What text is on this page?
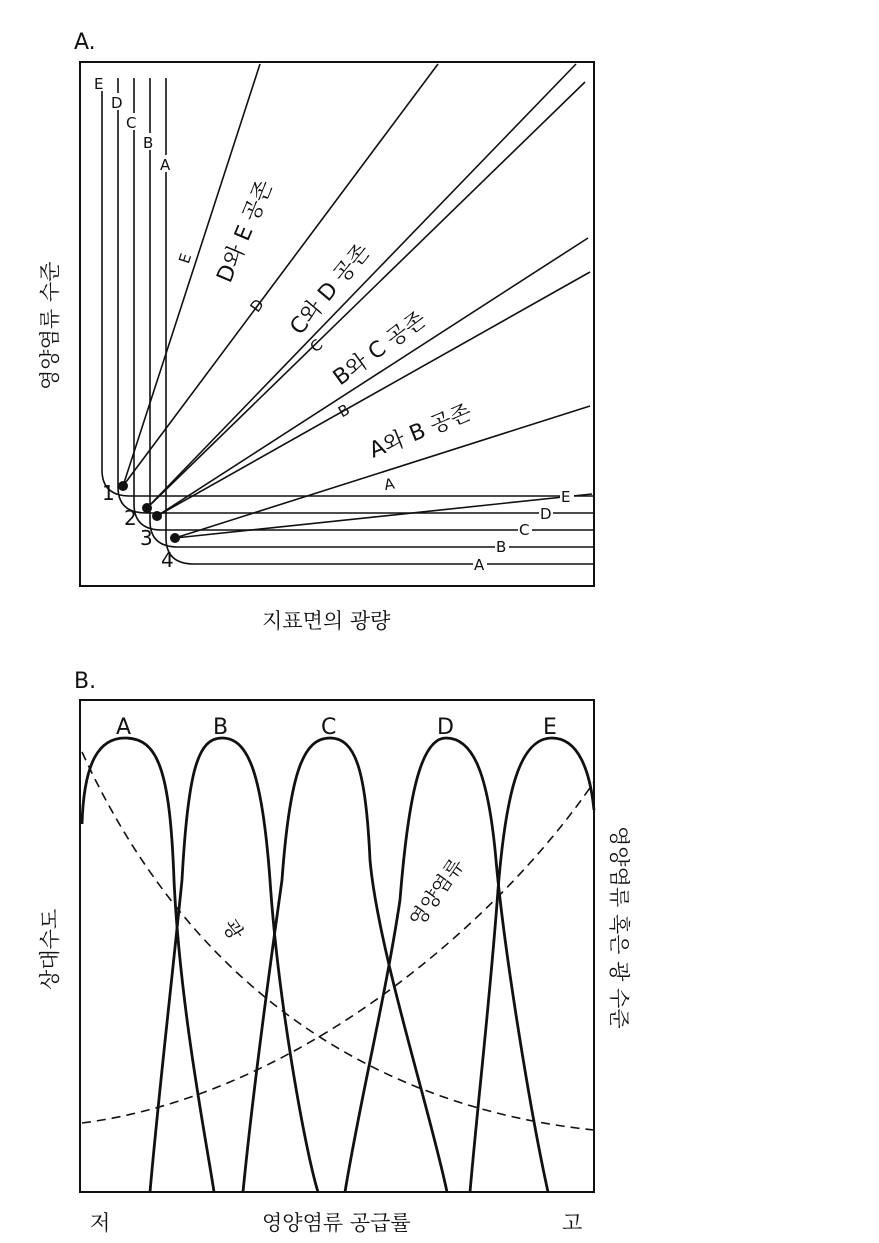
A.
1
2
3
4
E
D
C
B
A
E
D
C
B
A
E
D
C
B
A
D와 E 공존
C와 D 공존
B와 C 공존
A와 B 공존
영양염류 수준
지표면의 광량
B.
A	B	C	D	E
광	영양염류
상대수도	영양염류 혹은 광 수준
영양염류 공급률
저	고
